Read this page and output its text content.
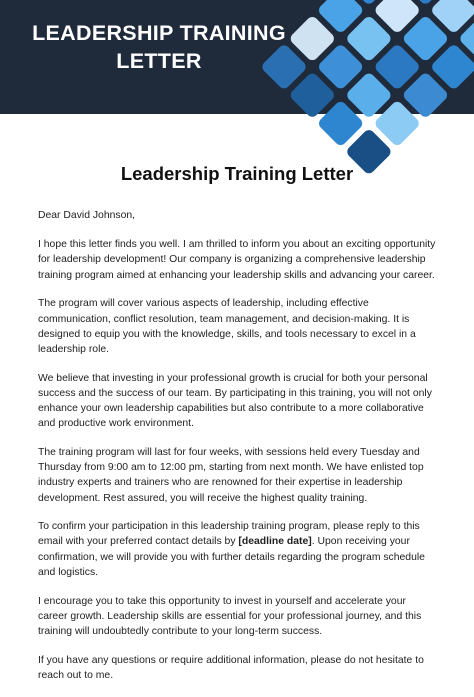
LEADERSHIP TRAINING
LETTER
Leadership Training Letter

Dear David Johnson,

I hope this letter finds you well. I am thrilled to inform you about an exciting opportunity for leadership development! Our company is organizing a comprehensive leadership training program aimed at enhancing your leadership skills and advancing your career.

The program will cover various aspects of leadership, including effective communication, conflict resolution, team management, and decision-making. It is designed to equip you with the knowledge, skills, and tools necessary to excel in a leadership role.

We believe that investing in your professional growth is crucial for both your personal success and the success of our team. By participating in this training, you will not only enhance your own leadership capabilities but also contribute to a more collaborative and productive work environment.

The training program will last for four weeks, with sessions held every Tuesday and Thursday from 9:00 am to 12:00 pm, starting from next month. We have enlisted top industry experts and trainers who are renowned for their expertise in leadership development. Rest assured, you will receive the highest quality training.

To confirm your participation in this leadership training program, please reply to this email with your preferred contact details by [deadline date]. Upon receiving your confirmation, we will provide you with further details regarding the program schedule and logistics.

I encourage you to take this opportunity to invest in yourself and accelerate your career growth. Leadership skills are essential for your professional journey, and this training will undoubtedly contribute to your long-term success.

If you have any questions or require additional information, please do not hesitate to reach out to me.
